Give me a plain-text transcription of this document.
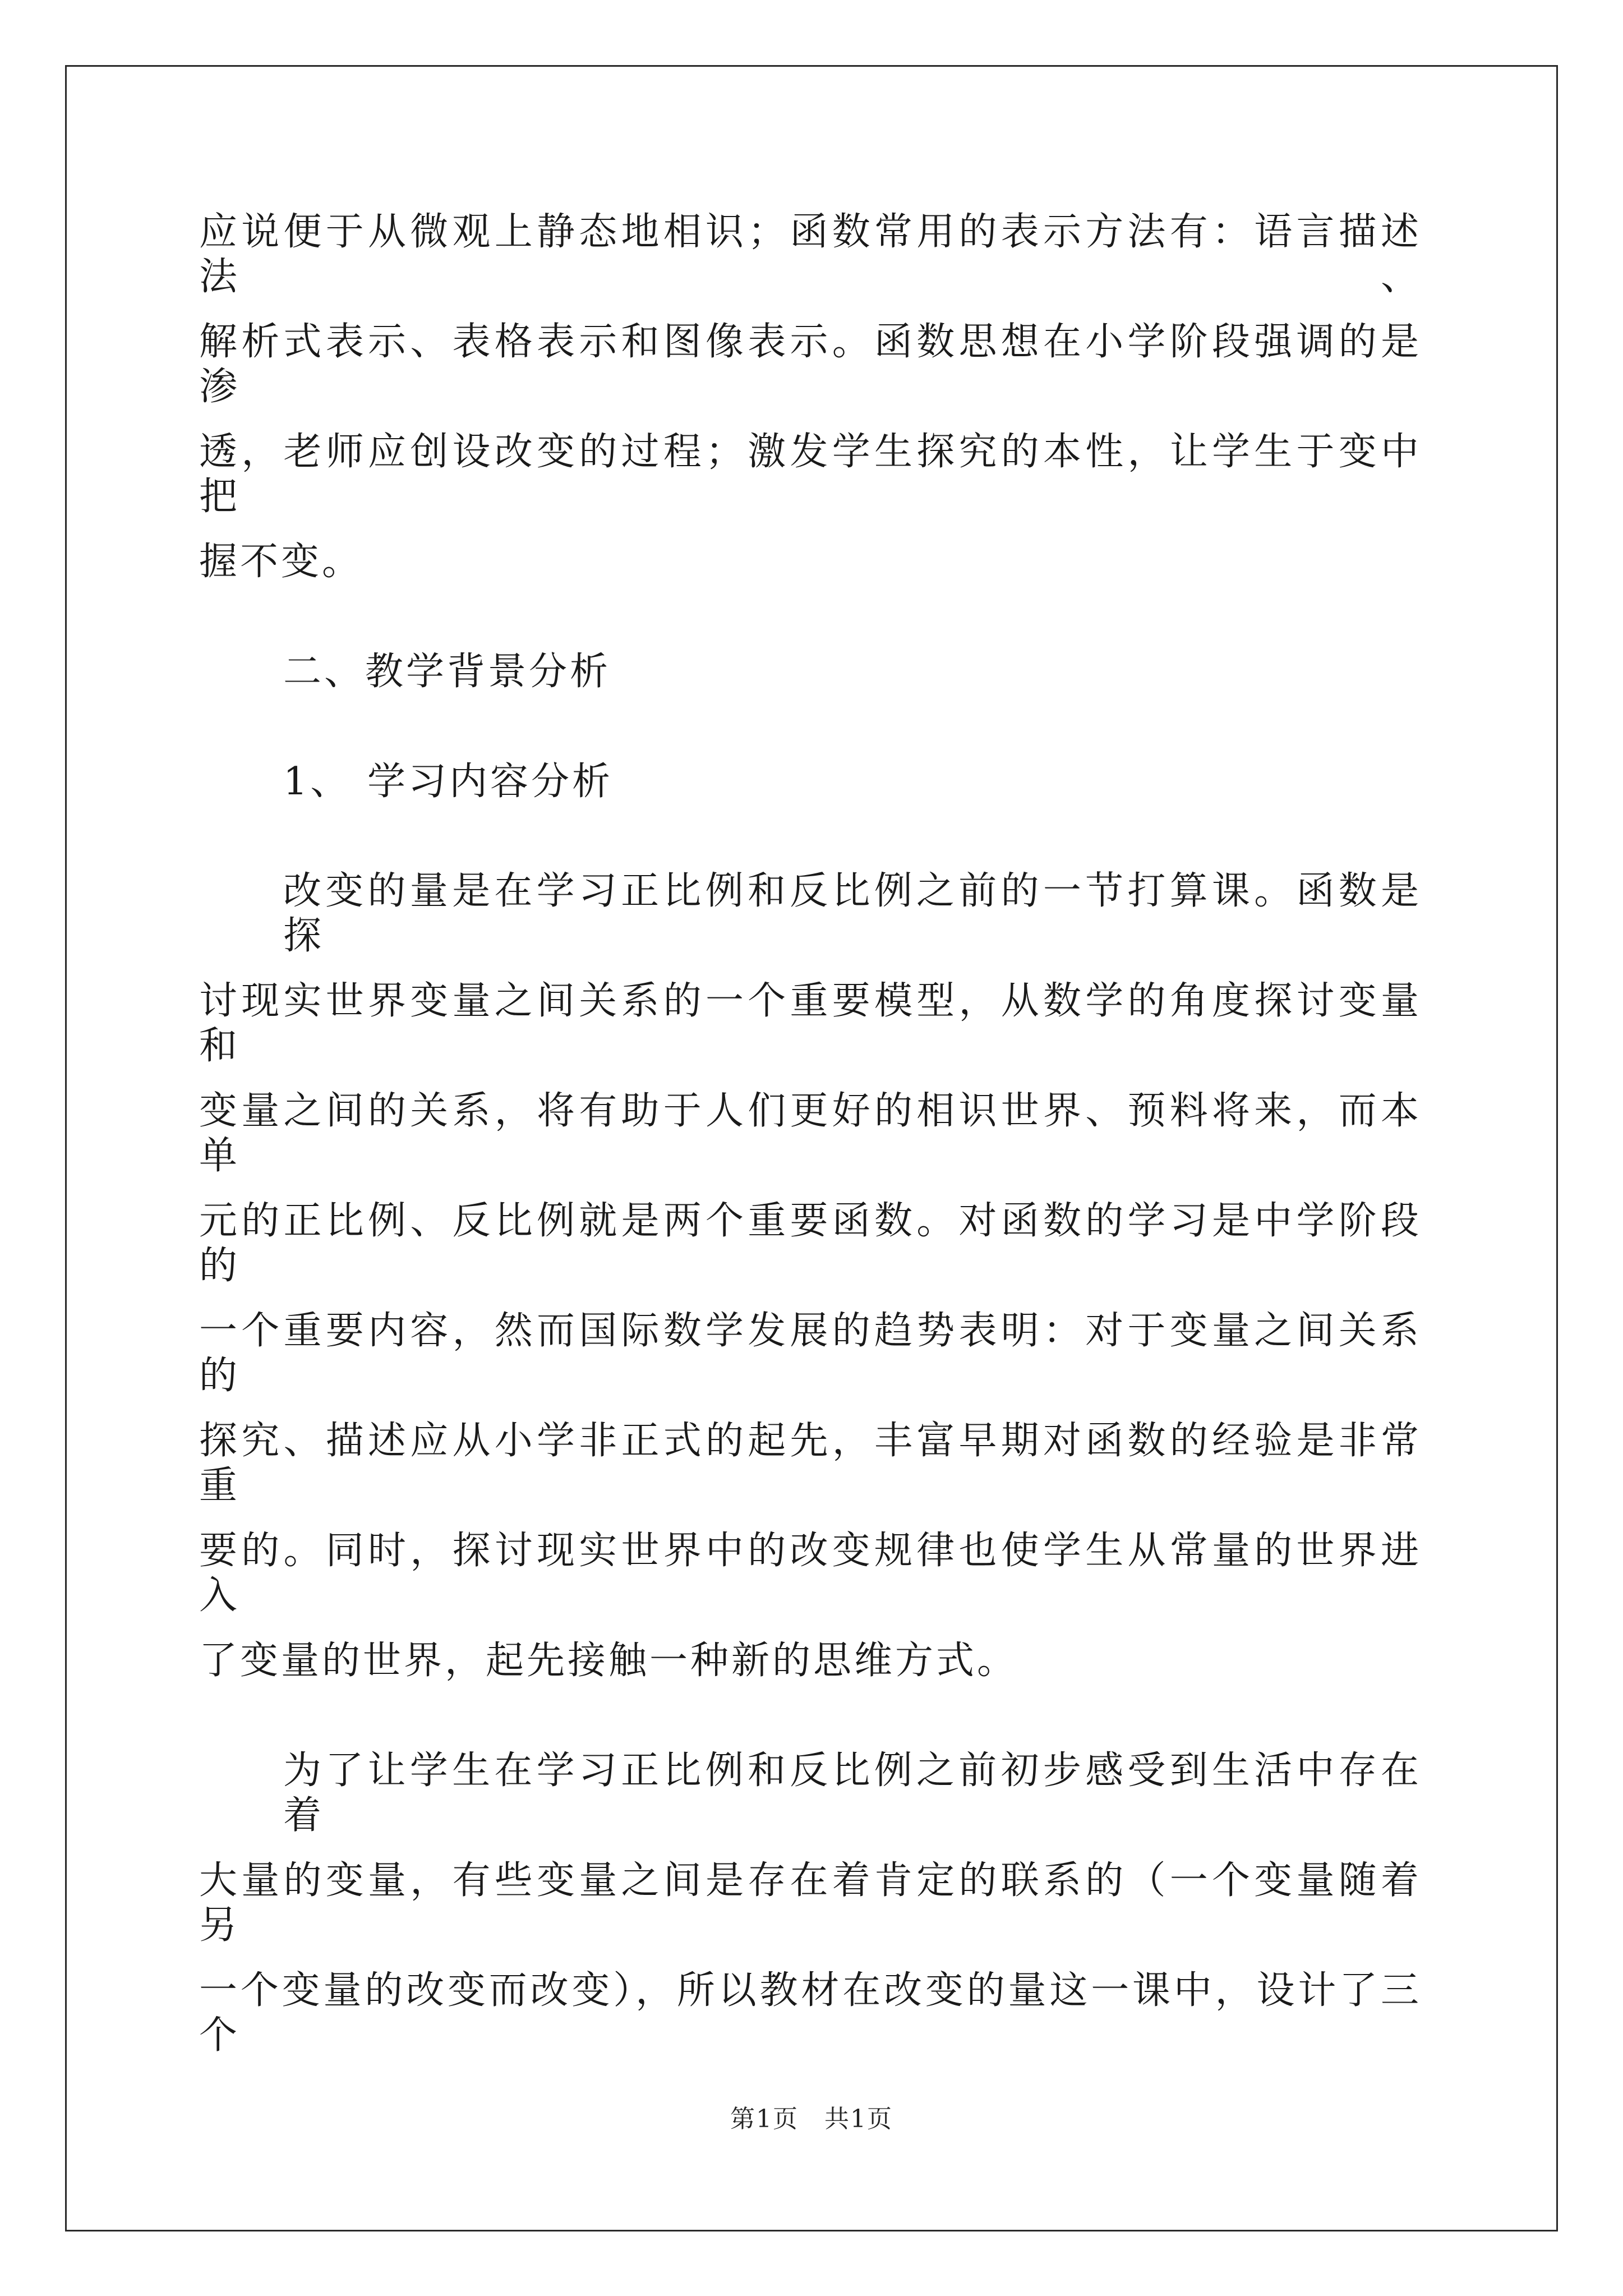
应说便于从微观上静态地相识；函数常用的表示方法有：语言描述法、
解析式表示、表格表示和图像表示。函数思想在小学阶段强调的是渗
透，老师应创设改变的过程；激发学生探究的本性，让学生于变中把
握不变。
二、教学背景分析
1、 学习内容分析
改变的量是在学习正比例和反比例之前的一节打算课。函数是探
讨现实世界变量之间关系的一个重要模型，从数学的角度探讨变量和
变量之间的关系，将有助于人们更好的相识世界、预料将来，而本单
元的正比例、反比例就是两个重要函数。对函数的学习是中学阶段的
一个重要内容，然而国际数学发展的趋势表明：对于变量之间关系的
探究、描述应从小学非正式的起先，丰富早期对函数的经验是非常重
要的。同时，探讨现实世界中的改变规律也使学生从常量的世界进入
了变量的世界，起先接触一种新的思维方式。
为了让学生在学习正比例和反比例之前初步感受到生活中存在着
大量的变量，有些变量之间是存在着肯定的联系的（一个变量随着另
一个变量的改变而改变），所以教材在改变的量这一课中，设计了三个
第1页　共1页
